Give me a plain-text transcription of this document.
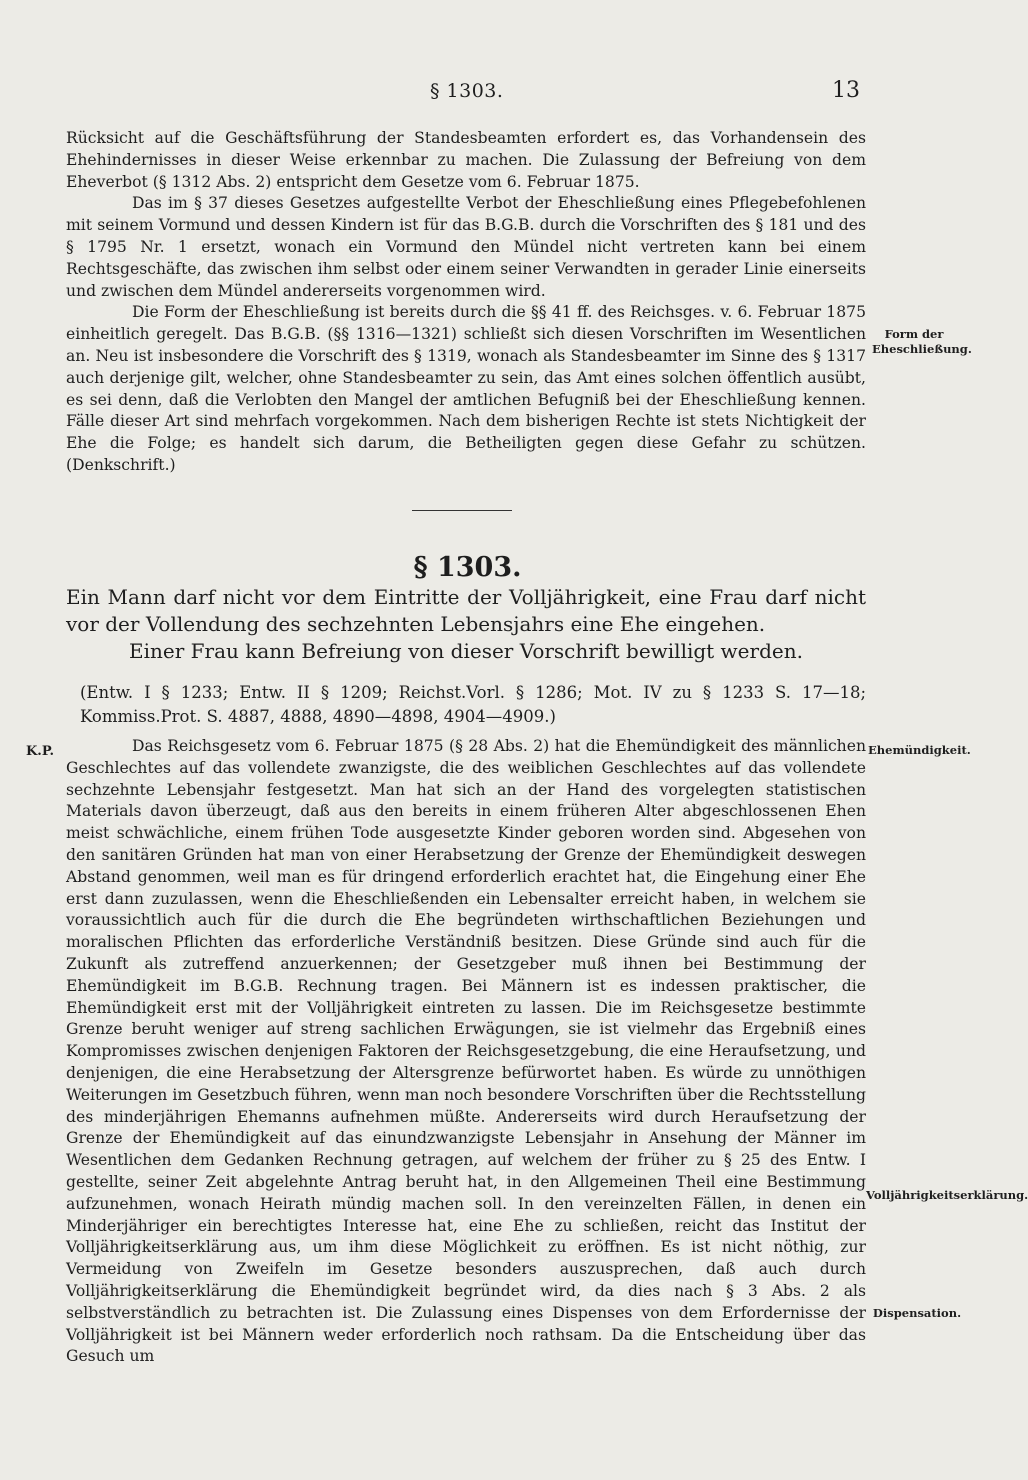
§ 1303.	13

Rücksicht auf die Geschäftsführung der Standesbeamten erfordert es, das Vorhandensein des Ehehindernisses in dieser Weise erkennbar zu machen. Die Zulassung der Befreiung von dem Eheverbot (§ 1312 Abs. 2) entspricht dem Gesetze vom 6. Februar 1875.

Das im § 37 dieses Gesetzes aufgestellte Verbot der Eheschließung eines Pflegebefohlenen mit seinem Vormund und dessen Kindern ist für das B.G.B. durch die Vorschriften des § 181 und des § 1795 Nr. 1 ersetzt, wonach ein Vormund den Mündel nicht vertreten kann bei einem Rechtsgeschäfte, das zwischen ihm selbst oder einem seiner Verwandten in gerader Linie einerseits und zwischen dem Mündel andererseits vorgenommen wird.

Die Form der Eheschließung ist bereits durch die §§ 41 ff. des Reichsges. v. 6. Februar 1875 einheitlich geregelt. Das B.G.B. (§§ 1316—1321) schließt sich diesen Vorschriften im Wesentlichen an. Neu ist insbesondere die Vorschrift des § 1319, wonach als Standesbeamter im Sinne des § 1317 auch derjenige gilt, welcher, ohne Standesbeamter zu sein, das Amt eines solchen öffentlich ausübt, es sei denn, daß die Verlobten den Mangel der amtlichen Befugniß bei der Eheschließung kennen. Fälle dieser Art sind mehrfach vorgekommen. Nach dem bisherigen Rechte ist stets Nichtigkeit der Ehe die Folge; es handelt sich darum, die Betheiligten gegen diese Gefahr zu schützen. (Denkschrift.)

Form der Eheschließung.
§ 1303.
Ein Mann darf nicht vor dem Eintritte der Volljährigkeit, eine Frau darf nicht
vor der Vollendung des sechzehnten Lebensjahrs eine Ehe eingehen.
Einer Frau kann Befreiung von dieser Vorschrift bewilligt werden.
(Entw. I § 1233; Entw. II § 1209; Reichst.Vorl. § 1286; Mot. IV zu § 1233 S. 17—18; Kommiss.Prot. S. 4887, 4888, 4890—4898, 4904—4909.)
K.P.	Ehemündigkeit.
Volljährigkeitserklärung.
Dispensation.

Das Reichsgesetz vom 6. Februar 1875 (§ 28 Abs. 2) hat die Ehemündigkeit des männlichen Geschlechtes auf das vollendete zwanzigste, die des weiblichen Geschlechtes auf das vollendete sechzehnte Lebensjahr festgesetzt. Man hat sich an der Hand des vorgelegten statistischen Materials davon überzeugt, daß aus den bereits in einem früheren Alter abgeschlossenen Ehen meist schwächliche, einem frühen Tode ausgesetzte Kinder geboren worden sind. Abgesehen von den sanitären Gründen hat man von einer Herabsetzung der Grenze der Ehemündigkeit deswegen Abstand genommen, weil man es für dringend erforderlich erachtet hat, die Eingehung einer Ehe erst dann zuzulassen, wenn die Eheschließenden ein Lebensalter erreicht haben, in welchem sie voraussichtlich auch für die durch die Ehe begründeten wirthschaftlichen Beziehungen und moralischen Pflichten das erforderliche Verständniß besitzen. Diese Gründe sind auch für die Zukunft als zutreffend anzuerkennen; der Gesetzgeber muß ihnen bei Bestimmung der Ehemündigkeit im B.G.B. Rechnung tragen. Bei Männern ist es indessen praktischer, die Ehemündigkeit erst mit der Volljährigkeit eintreten zu lassen. Die im Reichsgesetze bestimmte Grenze beruht weniger auf streng sachlichen Erwägungen, sie ist vielmehr das Ergebniß eines Kompromisses zwischen denjenigen Faktoren der Reichsgesetzgebung, die eine Heraufsetzung, und denjenigen, die eine Herabsetzung der Altersgrenze befürwortet haben. Es würde zu unnöthigen Weiterungen im Gesetzbuch führen, wenn man noch besondere Vorschriften über die Rechtsstellung des minderjährigen Ehemanns aufnehmen müßte. Andererseits wird durch Heraufsetzung der Grenze der Ehemündigkeit auf das einundzwanzigste Lebensjahr in Ansehung der Männer im Wesentlichen dem Gedanken Rechnung getragen, auf welchem der früher zu § 25 des Entw. I gestellte, seiner Zeit abgelehnte Antrag beruht hat, in den Allgemeinen Theil eine Bestimmung aufzunehmen, wonach Heirath mündig machen soll. In den vereinzelten Fällen, in denen ein Minderjähriger ein berechtigtes Interesse hat, eine Ehe zu schließen, reicht das Institut der Volljährigkeitserklärung aus, um ihm diese Möglichkeit zu eröffnen. Es ist nicht nöthig, zur Vermeidung von Zweifeln im Gesetze besonders auszusprechen, daß auch durch Volljährigkeitserklärung die Ehemündigkeit begründet wird, da dies nach § 3 Abs. 2 als selbstverständlich zu betrachten ist. Die Zulassung eines Dispenses von dem Erfordernisse der Volljährigkeit ist bei Männern weder erforderlich noch rathsam. Da die Entscheidung über das Gesuch um
